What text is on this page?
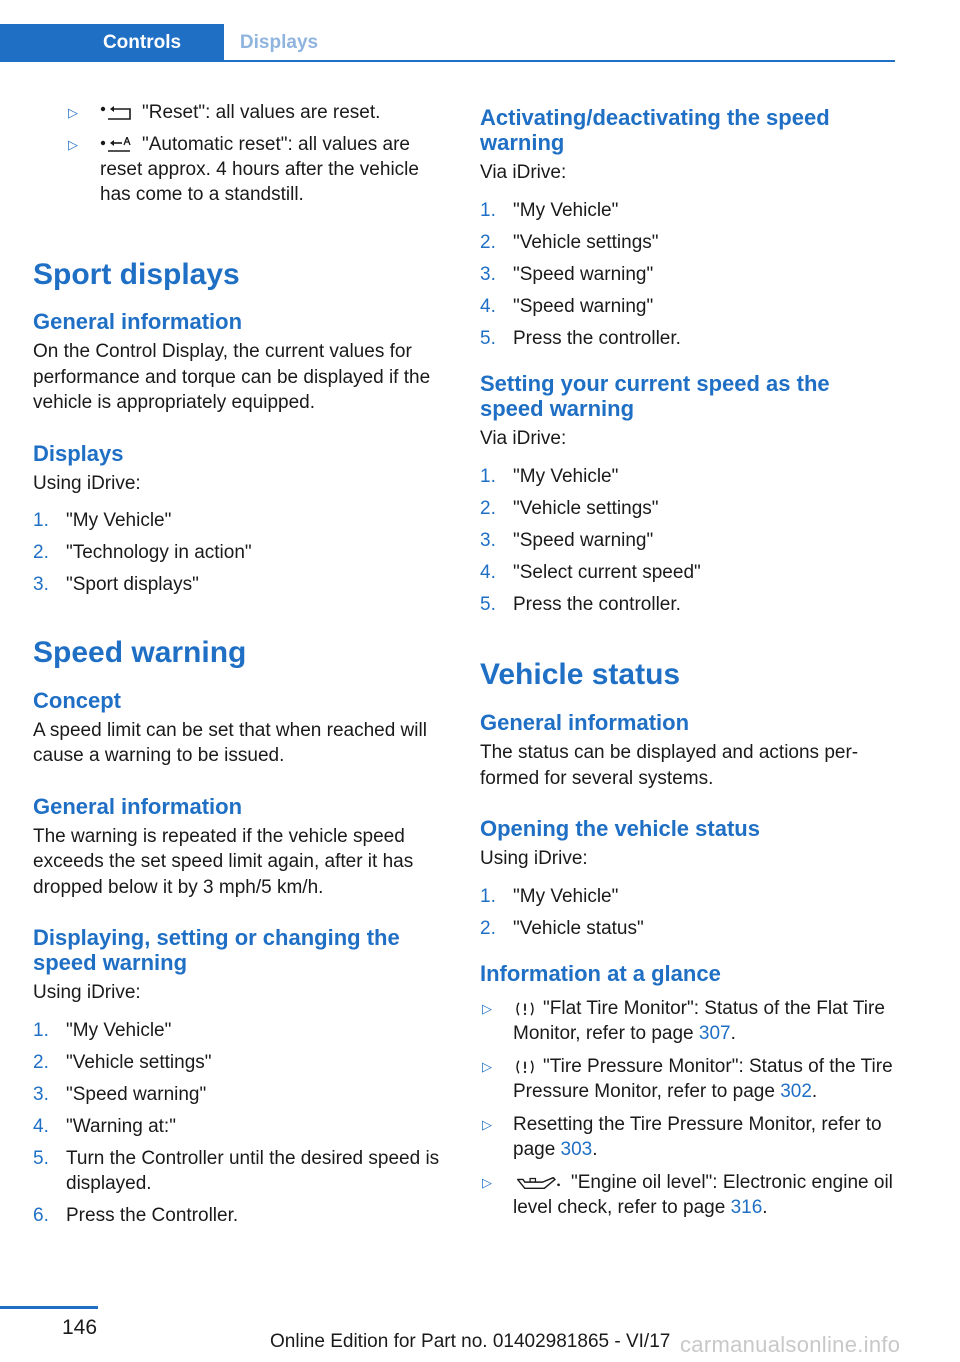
Controls	Displays
▷	"Reset": all values are reset.
▷	"Automatic reset": all values are reset approx. 4 hours after the vehicle has come to a standstill.
Sport displays
General information

On the Control Display, the current values for performance and torque can be displayed if the vehicle is appropriately equipped.

Displays

Using iDrive:

1. "My Vehicle"
2. "Technology in action"
3. "Sport displays"
Speed warning
Concept

A speed limit can be set that when reached will cause a warning to be issued.

General information

The warning is repeated if the vehicle speed exceeds the set speed limit again, after it has dropped below it by 3 mph/5 km/h.

Displaying, setting or changing the speed warning

Using iDrive:

1. "My Vehicle"
2. "Vehicle settings"
3. "Speed warning"
4. "Warning at:"
5. Turn the Controller until the desired speed is displayed.
6. Press the Controller.
Activating/deactivating the speed warning

Via iDrive:

1. "My Vehicle"
2. "Vehicle settings"
3. "Speed warning"
4. "Speed warning"
5. Press the controller.
Setting your current speed as the speed warning

Via iDrive:

1. "My Vehicle"
2. "Vehicle settings"
3. "Speed warning"
4. "Select current speed"
5. Press the controller.
Vehicle status
General information

The status can be displayed and actions per-formed for several systems.

Opening the vehicle status

Using iDrive:

1. "My Vehicle"
2. "Vehicle status"
Information at a glance
▷	"Flat Tire Monitor": Status of the Flat Tire Monitor, refer to page 307.
▷	"Tire Pressure Monitor": Status of the Tire Pressure Monitor, refer to page 302.
▷ Resetting the Tire Pressure Monitor, refer to page 303.
▷	"Engine oil level": Electronic engine oil level check, refer to page 316.
146
Online Edition for Part no. 01402981865 - VI/17 carmanualsonline.info
